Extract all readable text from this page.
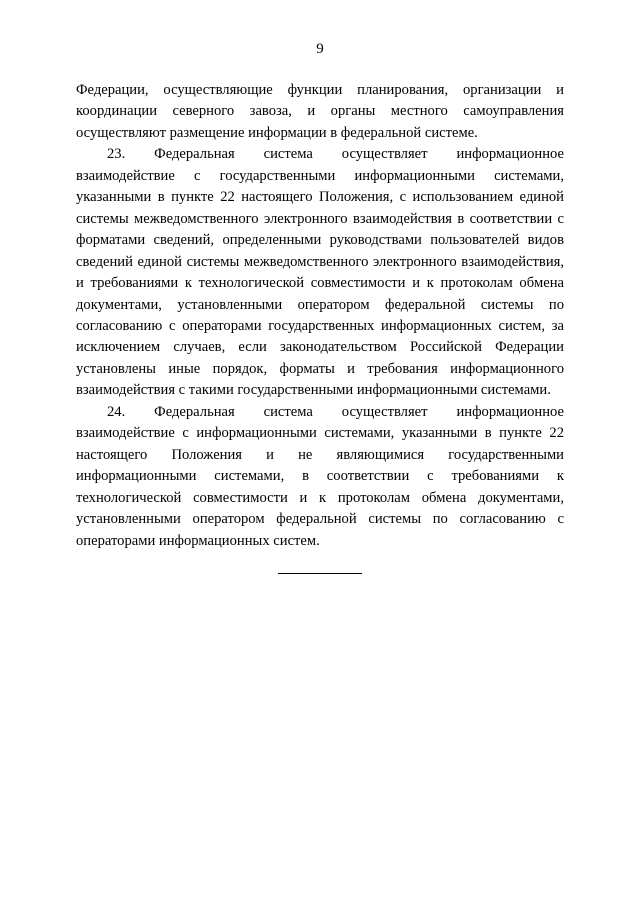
9

Федерации, осуществляющие функции планирования, организации и координации северного завоза, и органы местного самоуправления осуществляют размещение информации в федеральной системе.

23. Федеральная система осуществляет информационное взаимодействие с государственными информационными системами, указанными в пункте 22 настоящего Положения, с использованием единой системы межведомственного электронного взаимодействия в соответствии с форматами сведений, определенными руководствами пользователей видов сведений единой системы межведомственного электронного взаимодействия, и требованиями к технологической совместимости и к протоколам обмена документами, установленными оператором федеральной системы по согласованию с операторами государственных информационных систем, за исключением случаев, если законодательством Российской Федерации установлены иные порядок, форматы и требования информационного взаимодействия с такими государственными информационными системами.

24. Федеральная система осуществляет информационное взаимодействие с информационными системами, указанными в пункте 22 настоящего Положения и не являющимися государственными информационными системами, в соответствии с требованиями к технологической совместимости и к протоколам обмена документами, установленными оператором федеральной системы по согласованию с операторами информационных систем.
